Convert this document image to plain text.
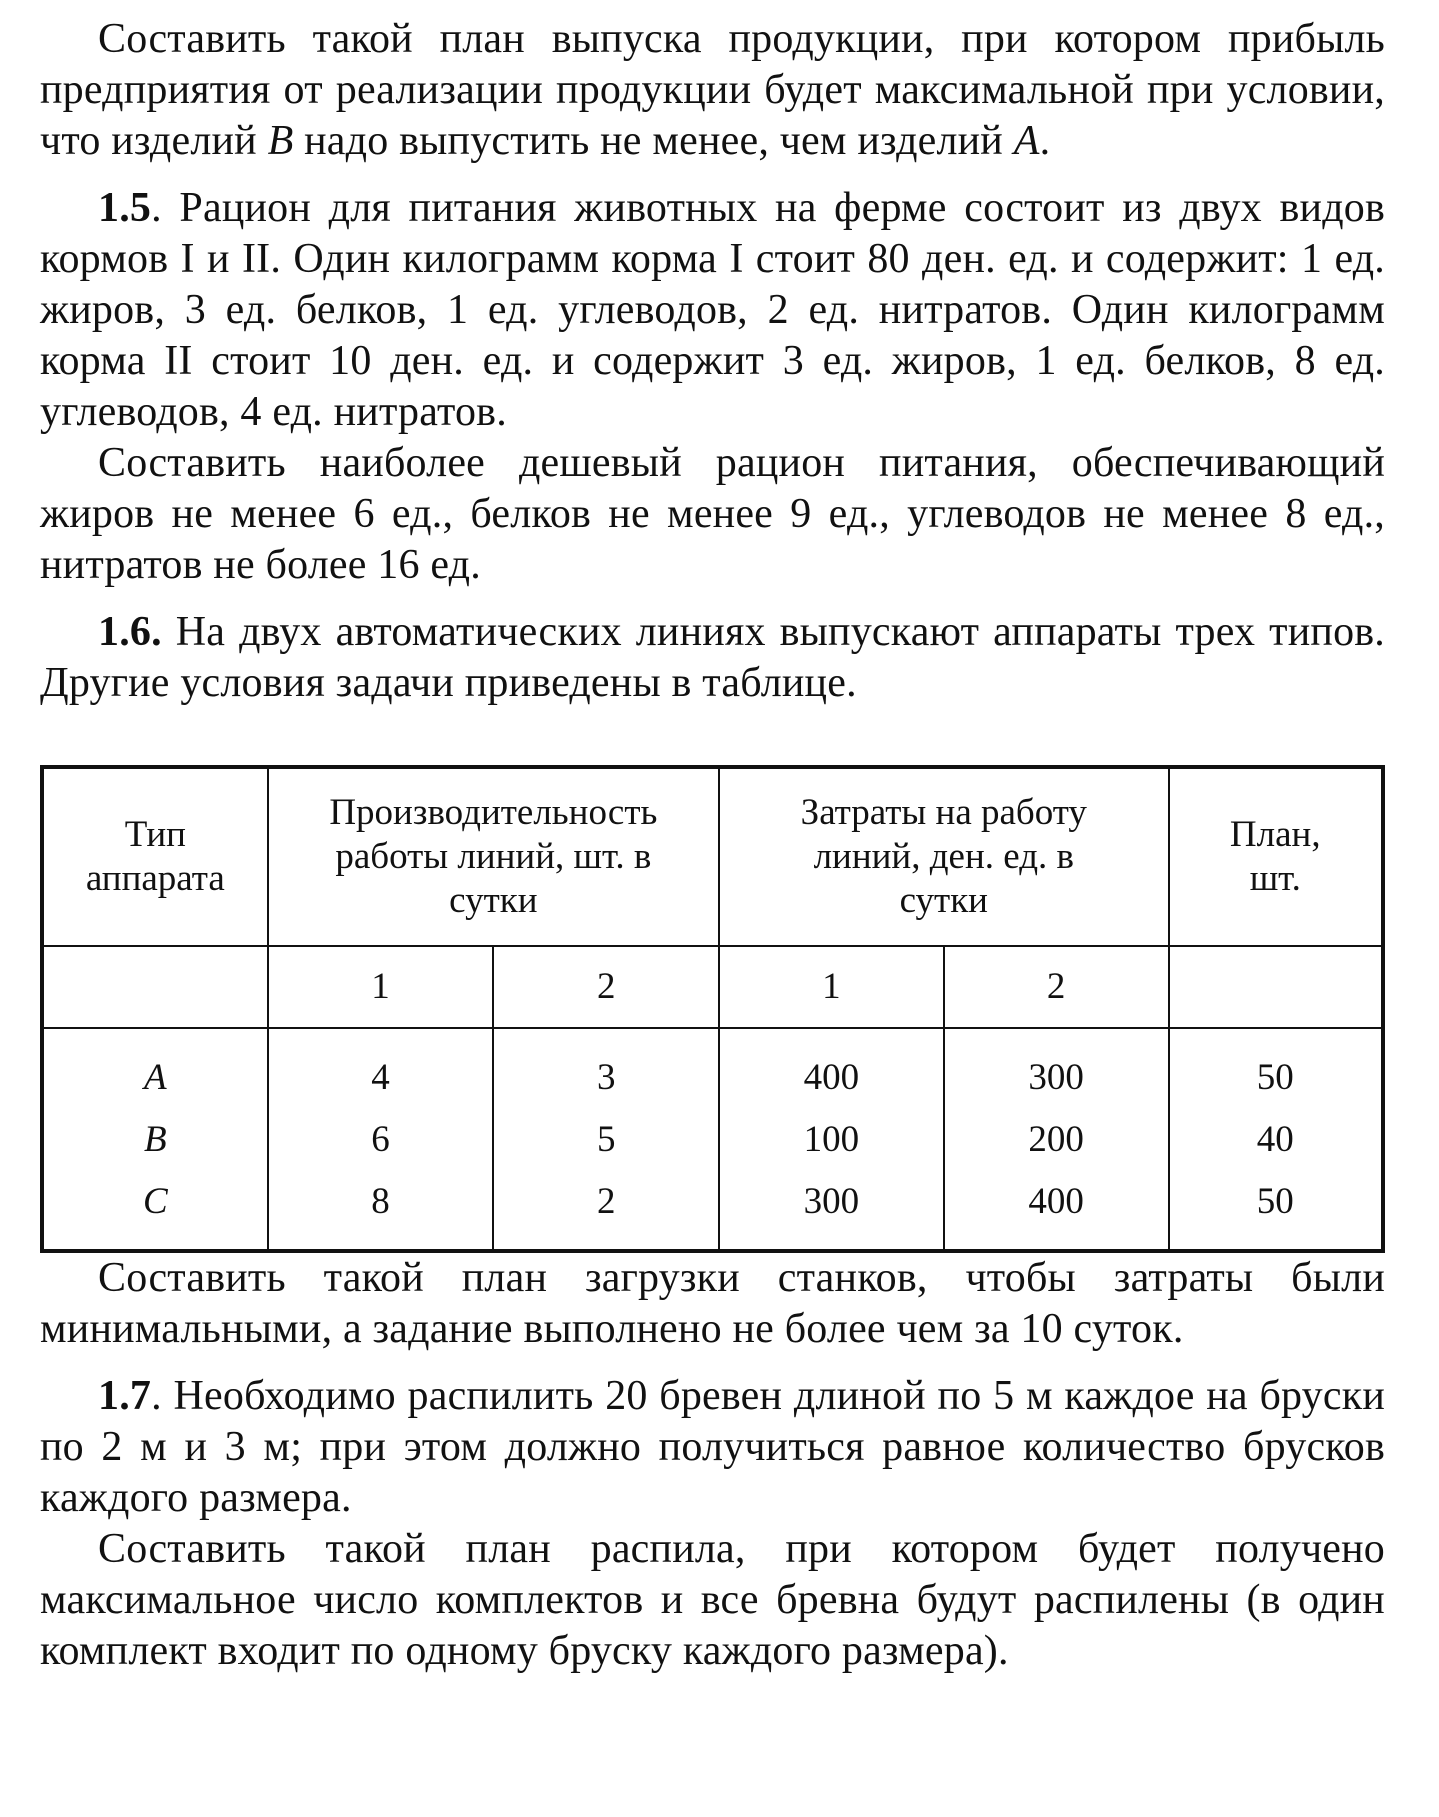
Составить такой план выпуска продукции, при котором прибыль предприятия от реализации продукции будет максимальной при условии, что изделий B надо выпустить не менее, чем изделий A.

1.5. Рацион для питания животных на ферме состоит из двух видов кормов I и II. Один килограмм корма I стоит 80 ден. ед. и содержит: 1 ед. жиров, 3 ед. белков, 1 ед. углеводов, 2 ед. нитратов. Один килограмм корма II стоит 10 ден. ед. и содержит 3 ед. жиров, 1 ед. белков, 8 ед. углеводов, 4 ед. нитратов.

Составить наиболее дешевый рацион питания, обеспечивающий жиров не менее 6 ед., белков не менее 9 ед., углеводов не менее 8 ед., нитратов не более 16 ед.

1.6. На двух автоматических линиях выпускают аппараты трех типов. Другие условия задачи приведены в таблице.

Тип аппарата	Производительность работы линий, шт. в сутки		Затраты на работу линий, ден. ед. в сутки		План, шт.
	1	2	1	2	
A	4	3	400	300	50
B	6	5	100	200	40
C	8	2	300	400	50

Составить такой план загрузки станков, чтобы затраты были минимальными, а задание выполнено не более чем за 10 суток.

1.7. Необходимо распилить 20 бревен длиной по 5 м каждое на бруски по 2 м и 3 м; при этом должно получиться равное количество брусков каждого размера.

Составить такой план распила, при котором будет получено максимальное число комплектов и все бревна будут распилены (в один комплект входит по одному бруску каждого размера).
